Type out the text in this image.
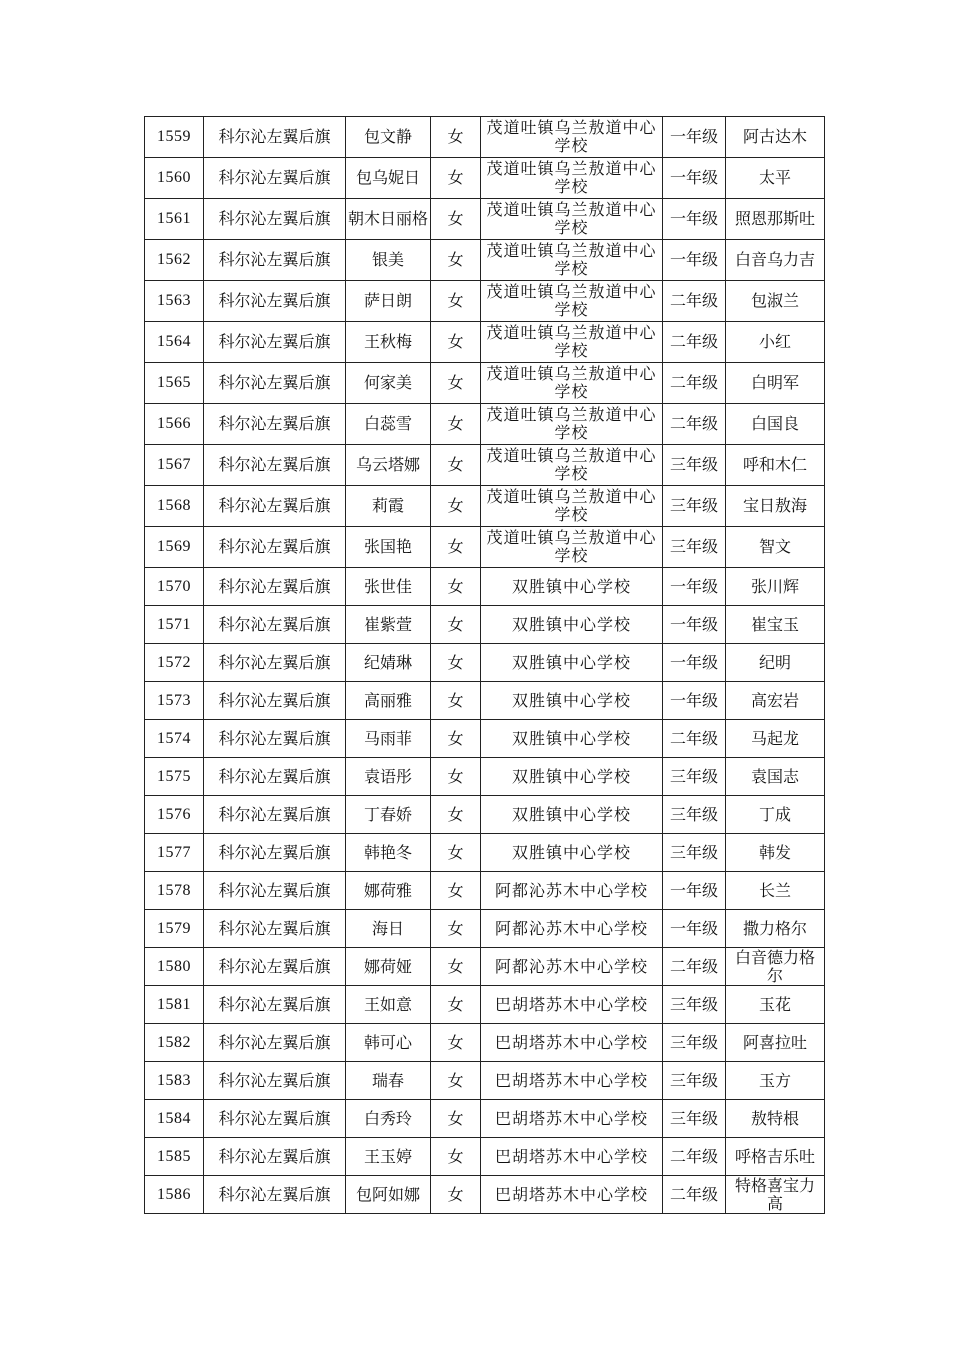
1559	科尔沁左翼后旗	包文静	女	茂道吐镇乌兰敖道中心学校	一年级	阿古达木
1560	科尔沁左翼后旗	包乌妮日	女	茂道吐镇乌兰敖道中心学校	一年级	太平
1561	科尔沁左翼后旗	朝木日丽格	女	茂道吐镇乌兰敖道中心学校	一年级	照恩那斯吐
1562	科尔沁左翼后旗	银美	女	茂道吐镇乌兰敖道中心学校	一年级	白音乌力吉
1563	科尔沁左翼后旗	萨日朗	女	茂道吐镇乌兰敖道中心学校	二年级	包淑兰
1564	科尔沁左翼后旗	王秋梅	女	茂道吐镇乌兰敖道中心学校	二年级	小红
1565	科尔沁左翼后旗	何家美	女	茂道吐镇乌兰敖道中心学校	二年级	白明军
1566	科尔沁左翼后旗	白蕊雪	女	茂道吐镇乌兰敖道中心学校	二年级	白国良
1567	科尔沁左翼后旗	乌云塔娜	女	茂道吐镇乌兰敖道中心学校	三年级	呼和木仁
1568	科尔沁左翼后旗	莉霞	女	茂道吐镇乌兰敖道中心学校	三年级	宝日敖海
1569	科尔沁左翼后旗	张国艳	女	茂道吐镇乌兰敖道中心学校	三年级	智文
1570	科尔沁左翼后旗	张世佳	女	双胜镇中心学校	一年级	张川辉
1571	科尔沁左翼后旗	崔紫萱	女	双胜镇中心学校	一年级	崔宝玉
1572	科尔沁左翼后旗	纪婧琳	女	双胜镇中心学校	一年级	纪明
1573	科尔沁左翼后旗	高丽雅	女	双胜镇中心学校	一年级	高宏岩
1574	科尔沁左翼后旗	马雨菲	女	双胜镇中心学校	二年级	马起龙
1575	科尔沁左翼后旗	袁语彤	女	双胜镇中心学校	三年级	袁国志
1576	科尔沁左翼后旗	丁春娇	女	双胜镇中心学校	三年级	丁成
1577	科尔沁左翼后旗	韩艳冬	女	双胜镇中心学校	三年级	韩发
1578	科尔沁左翼后旗	娜荷雅	女	阿都沁苏木中心学校	一年级	长兰
1579	科尔沁左翼后旗	海日	女	阿都沁苏木中心学校	一年级	撒力格尔
1580	科尔沁左翼后旗	娜荷娅	女	阿都沁苏木中心学校	二年级	白音德力格尔
1581	科尔沁左翼后旗	王如意	女	巴胡塔苏木中心学校	三年级	玉花
1582	科尔沁左翼后旗	韩可心	女	巴胡塔苏木中心学校	三年级	阿喜拉吐
1583	科尔沁左翼后旗	瑞春	女	巴胡塔苏木中心学校	三年级	玉方
1584	科尔沁左翼后旗	白秀玲	女	巴胡塔苏木中心学校	三年级	敖特根
1585	科尔沁左翼后旗	王玉婷	女	巴胡塔苏木中心学校	二年级	呼格吉乐吐
1586	科尔沁左翼后旗	包阿如娜	女	巴胡塔苏木中心学校	二年级	特格喜宝力高
